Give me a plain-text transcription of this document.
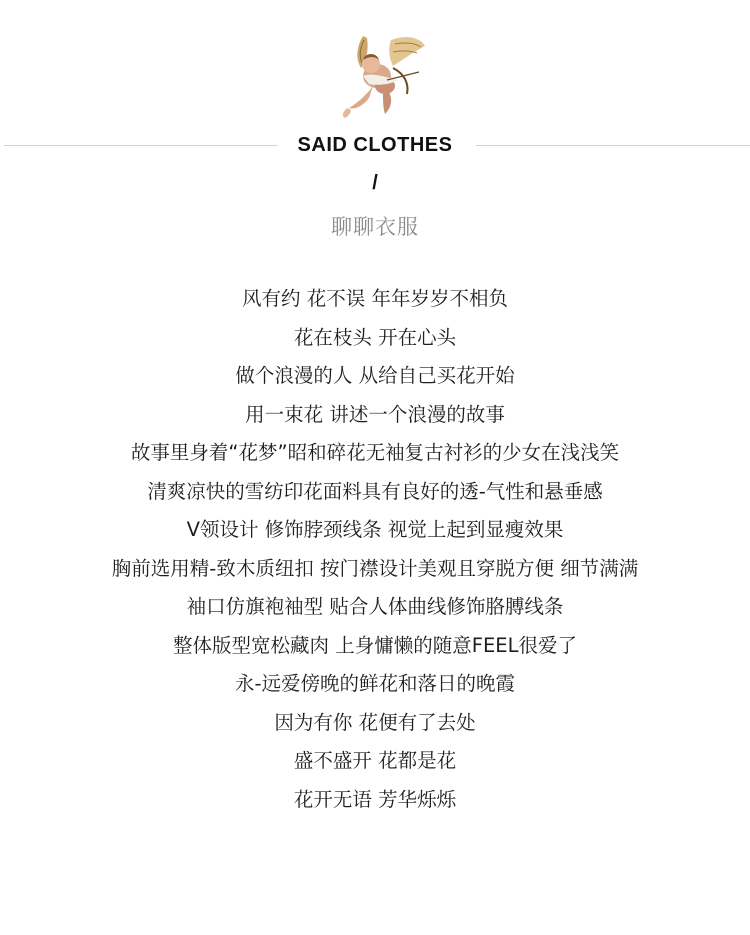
SAID CLOTHES
/
聊聊衣服
风有约 花不误 年年岁岁不相负
花在枝头 开在心头
做个浪漫的人 从给自己买花开始
用一束花 讲述一个浪漫的故事
故事里身着“花梦”昭和碎花无袖复古衬衫的少女在浅浅笑
清爽凉快的雪纺印花面料具有良好的透-气性和悬垂感
V领设计 修饰脖颈线条 视觉上起到显瘦效果
胸前选用精-致木质纽扣 按门襟设计美观且穿脱方便 细节满满
袖口仿旗袍袖型 贴合人体曲线修饰胳膊线条
整体版型宽松藏肉 上身慵懒的随意FEEL很爱了
永-远爱傍晚的鲜花和落日的晚霞
因为有你 花便有了去处
盛不盛开 花都是花
花开无语 芳华烁烁
